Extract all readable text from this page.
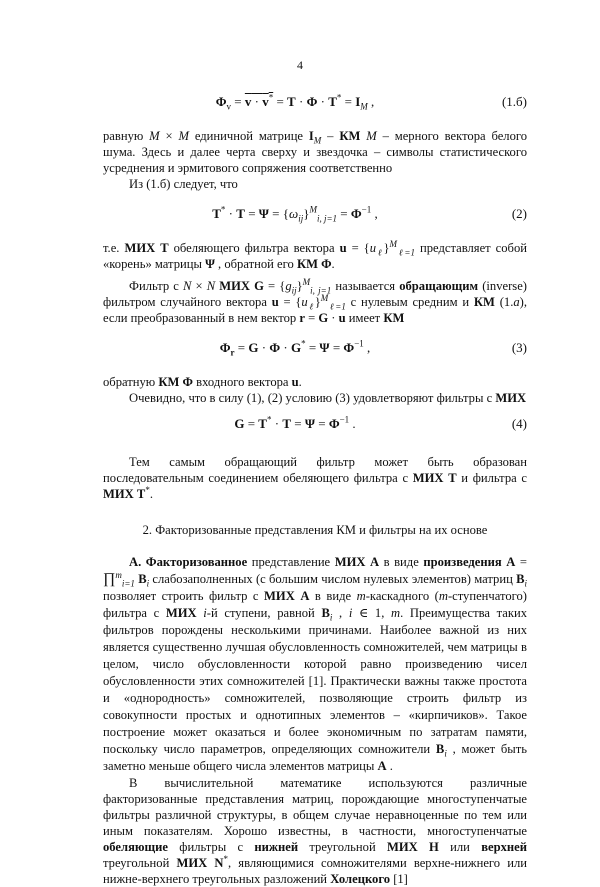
4
$\Phi_v = v \cdot v^* = T \cdot \Phi \cdot T^* = I_M$ ,	(1.б)

равную M × M единичной матрице $I_M$ – КМ M – мерного вектора белого шума. Здесь и далее черта сверху и звездочка – символы статистического усреднения и эрмитового сопряжения соответственно

Из (1.б) следует, что

$T^* \cdot T = \Psi = \{\omega_{ij}\}^M_{i, j=1} = \Phi^{-1}$ ,	(2)

т.е. МИХ T обеляющего фильтра вектора $u = \{u_\ell\}^M_{\ell=1}$ представляет собой «корень» матрицы Ψ , обратной его КМ Φ.

Фильтр с N × N МИХ $G = \{g_{ij}\}^M_{i, j=1}$ называется обращающим (inverse) фильтром случайного вектора $u = \{u_\ell\}^M_{\ell=1}$ с нулевым средним и КМ (1.а), если преобразованный в нем вектор r = G · u имеет КМ

$\Phi_r = G \cdot \Phi \cdot G^* = \Psi = \Phi^{-1}$ ,	(3)

обратную КМ Φ входного вектора u.

Очевидно, что в силу (1), (2) условию (3) удовлетворяют фильтры с МИХ

$G = T^* \cdot T = \Psi = \Phi^{-1}$ .	(4)

Тем самым обращающий фильтр может быть образован последовательным соединением обеляющего фильтра с МИХ T и фильтра с МИХ T*.

2. Факторизованные представления КМ и фильтры на их основе

А. Факторизованное представление МИХ A в виде произведения A = ∏$^m_{i=1}$ $B_i$ слабозаполненных (с большим числом нулевых элементов) матриц $B_i$ позволяет строить фильтр с МИХ A в виде m-каскадного (m-ступенчатого) фильтра с МИХ i-й ступени, равной $B_i$ , i ∈ 1, m. Преимущества таких фильтров порождены несколькими причинами. Наиболее важной из них является существенно лучшая обусловленность сомножителей, чем матрицы в целом, число обусловленности которой равно произведению чисел обусловленности этих сомножителей [1]. Практически важны также простота и «однородность» сомножителей, позволяющие строить фильтр из совокупности простых и однотипных элементов – «кирпичиков». Такое построение может оказаться и более экономичным по затратам памяти, поскольку число параметров, определяющих сомножители $B_i$ , может быть заметно меньше общего числа элементов матрицы A .

В вычислительной математике используются различные факторизованные представления матриц, порождающие многоступенчатые фильтры различной структуры, в общем случае неравноценные по тем или иным показателям. Хорошо известны, в частности, многоступенчатые обеляющие фильтры с нижней треугольной МИХ H или верхней треугольной МИХ N*, являющимися сомножителями верхне-нижнего или нижне-верхнего треугольных разложений Холецкого [1]
